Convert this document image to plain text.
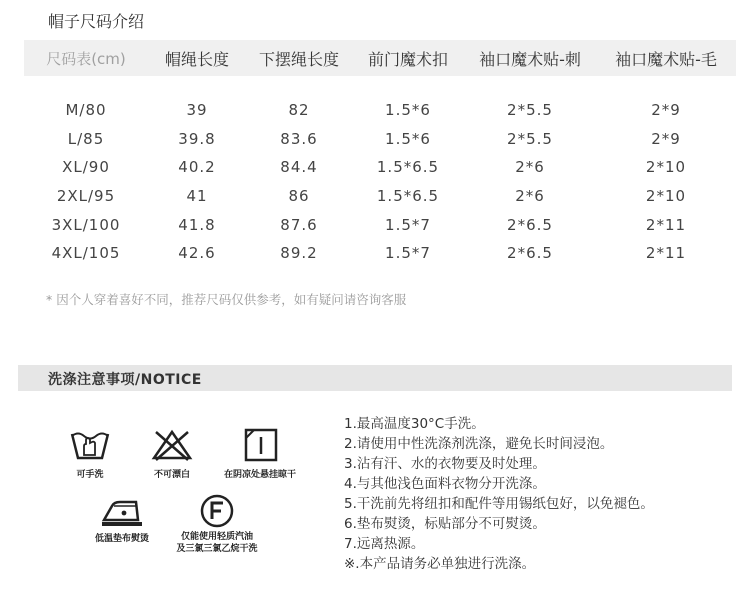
帽子尺码介绍
尺码表(cm)	帽绳长度	下摆绳长度	前门魔术扣	袖口魔术贴-刺	袖口魔术贴-毛

M/80	39	82	1.5*6	2*5.5	2*9
L/85	39.8	83.6	1.5*6	2*5.5	2*9
XL/90	40.2	84.4	1.5*6.5	2*6	2*10
2XL/95	41	86	1.5*6.5	2*6	2*10
3XL/100	41.8	87.6	1.5*7	2*6.5	2*11
4XL/105	42.6	89.2	1.5*7	2*6.5	2*11
* 因个人穿着喜好不同，推荐尺码仅供参考，如有疑问请咨询客服
洗涤注意事项/NOTICE
可手洗	不可漂白	在阴凉处悬挂晾干
低温垫布熨烫	仅能使用轻质汽油
及三氯三氯乙烷干洗
1.最高温度30°C手洗。
2.请使用中性洗涤剂洗涤，避免长时间浸泡。
3.沾有汗、水的衣物要及时处理。
4.与其他浅色面料衣物分开洗涤。
5.干洗前先将纽扣和配件等用锡纸包好，以免褪色。
6.垫布熨烫，标贴部分不可熨烫。
7.远离热源。
※.本产品请务必单独进行洗涤。
